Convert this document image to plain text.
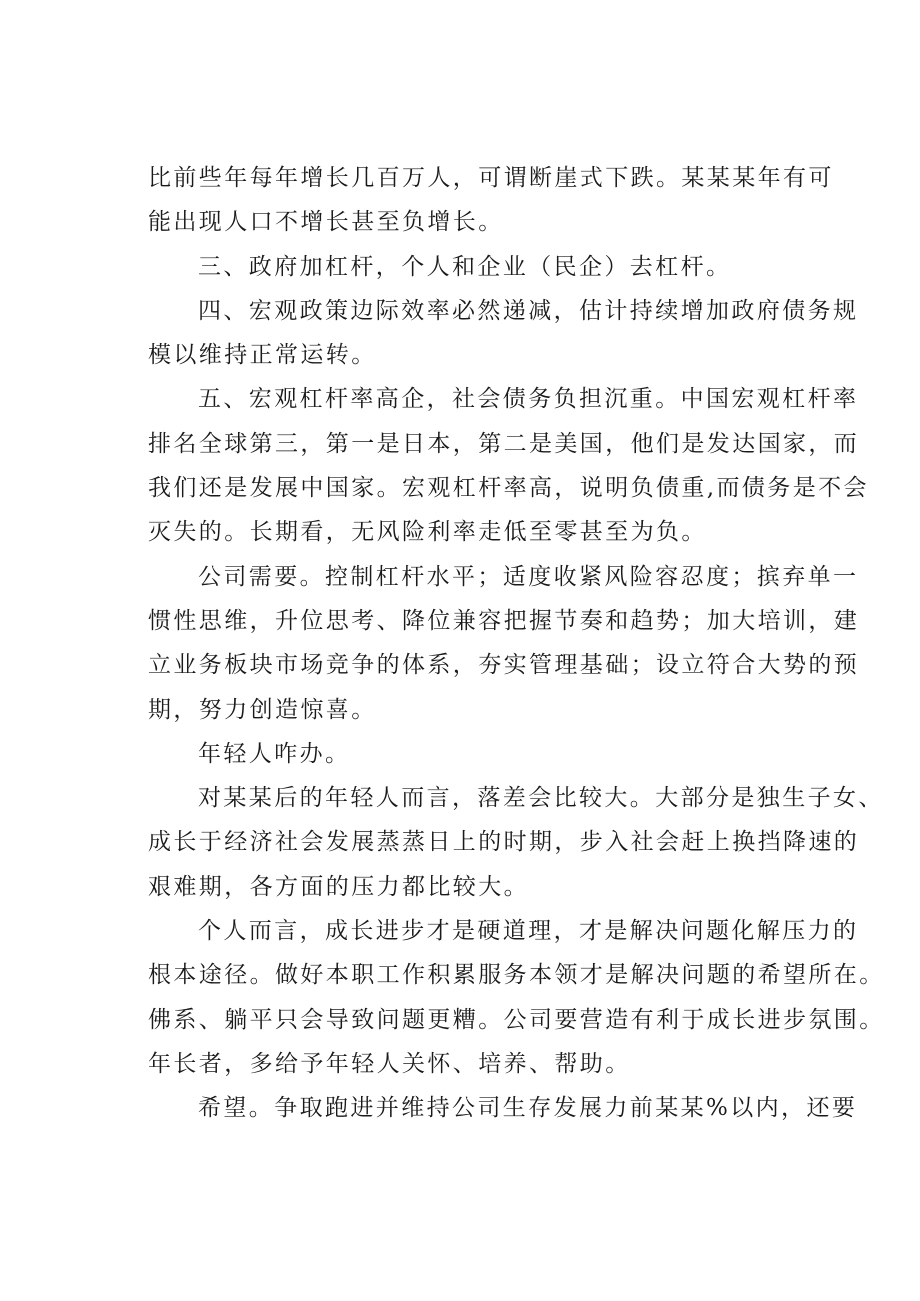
比前些年每年增长几百万人，可谓断崖式下跌。某某某年有可
能出现人口不增长甚至负增长。
三、政府加杠杆，个人和企业（民企）去杠杆。
四、宏观政策边际效率必然递减，估计持续增加政府债务规
模以维持正常运转。
五、宏观杠杆率高企，社会债务负担沉重。中国宏观杠杆率
排名全球第三，第一是日本，第二是美国，他们是发达国家，而
我们还是发展中国家。宏观杠杆率高，说明负债重,而债务是不会
灭失的。长期看，无风险利率走低至零甚至为负。
公司需要。控制杠杆水平；适度收紧风险容忍度；摈弃单一
惯性思维，升位思考、降位兼容把握节奏和趋势；加大培训，建
立业务板块市场竞争的体系，夯实管理基础；设立符合大势的预
期，努力创造惊喜。
年轻人咋办。
对某某后的年轻人而言，落差会比较大。大部分是独生子女、
成长于经济社会发展蒸蒸日上的时期，步入社会赶上换挡降速的
艰难期，各方面的压力都比较大。
个人而言，成长进步才是硬道理，才是解决问题化解压力的
根本途径。做好本职工作积累服务本领才是解决问题的希望所在。
佛系、躺平只会导致问题更糟。公司要营造有利于成长进步氛围。
年长者，多给予年轻人关怀、培养、帮助。
希望。争取跑进并维持公司生存发展力前某某%以内，还要
